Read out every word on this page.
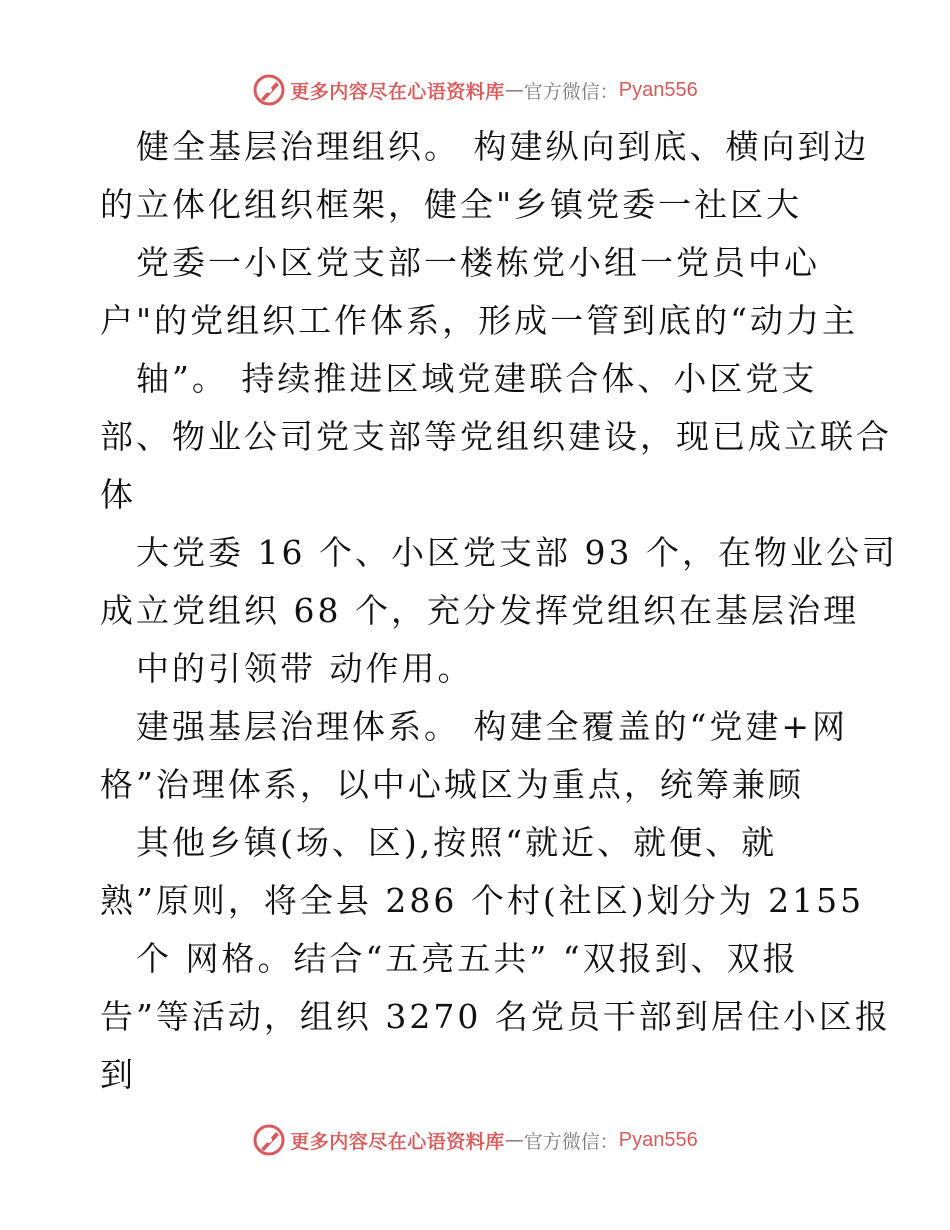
更多内容尽在心语资料库 — 官方微信： Pyan556
健全基层治理组织。 构建纵向到底、横向到边
的立体化组织框架，健全"乡镇党委一社区大
党委一小区党支部一楼栋党小组一党员中心
户"的党组织工作体系，形成一管到底的“动力主
轴”。 持续推进区域党建联合体、小区党支
部、物业公司党支部等党组织建设，现已成立联合
体
大党委 16 个、小区党支部 93 个，在物业公司
成立党组织 68 个，充分发挥党组织在基层治理
中的引领带 动作用。
建强基层治理体系。 构建全覆盖的“党建+网
格”治理体系，以中心城区为重点，统筹兼顾
其他乡镇(场、区),按照“就近、就便、就
熟”原则，将全县 286 个村(社区)划分为 2155
个 网格。结合“五亮五共” “双报到、双报
告”等活动，组织 3270 名党员干部到居住小区报
到
更多内容尽在心语资料库 — 官方微信： Pyan556
